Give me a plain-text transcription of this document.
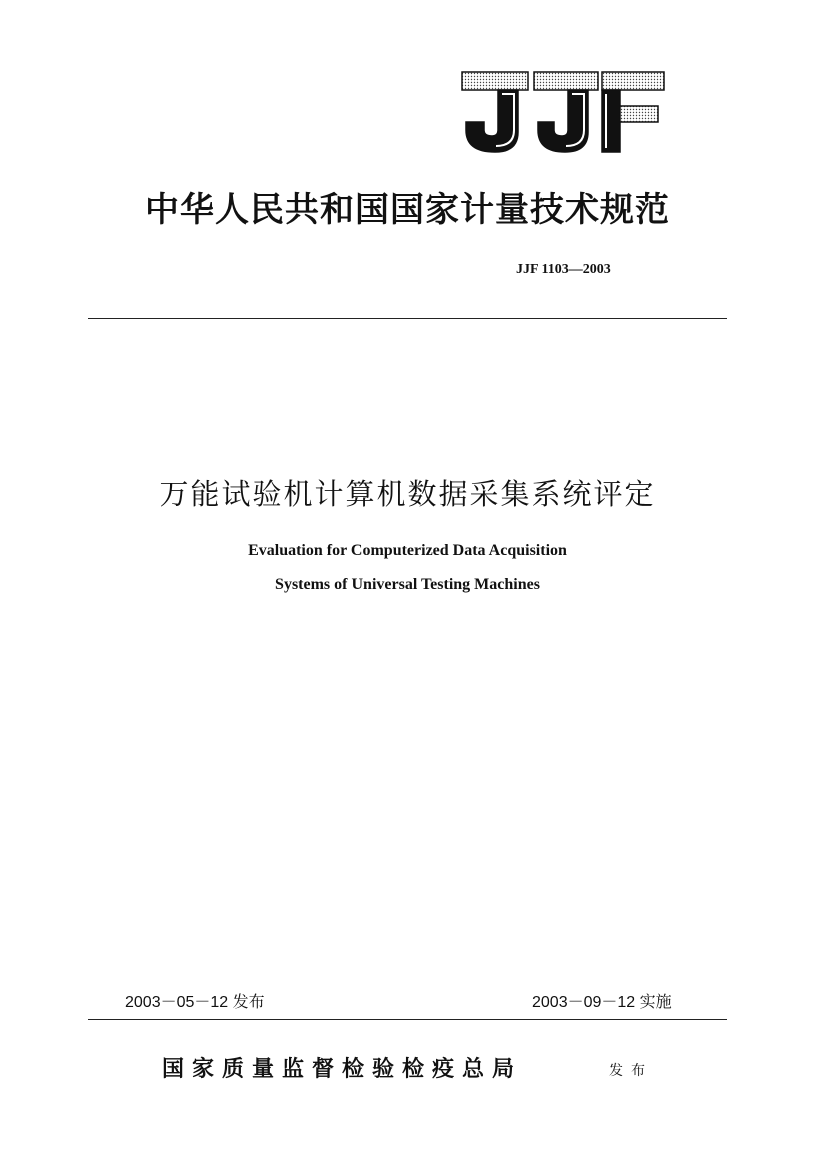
中华人民共和国国家计量技术规范
JJF 1103—2003
万能试验机计算机数据采集系统评定
Evaluation for Computerized Data Acquisition
Systems of Universal Testing Machines
2003－05－12 发布	2003－09－12 实施
国家质量监督检验检疫总局	发布
